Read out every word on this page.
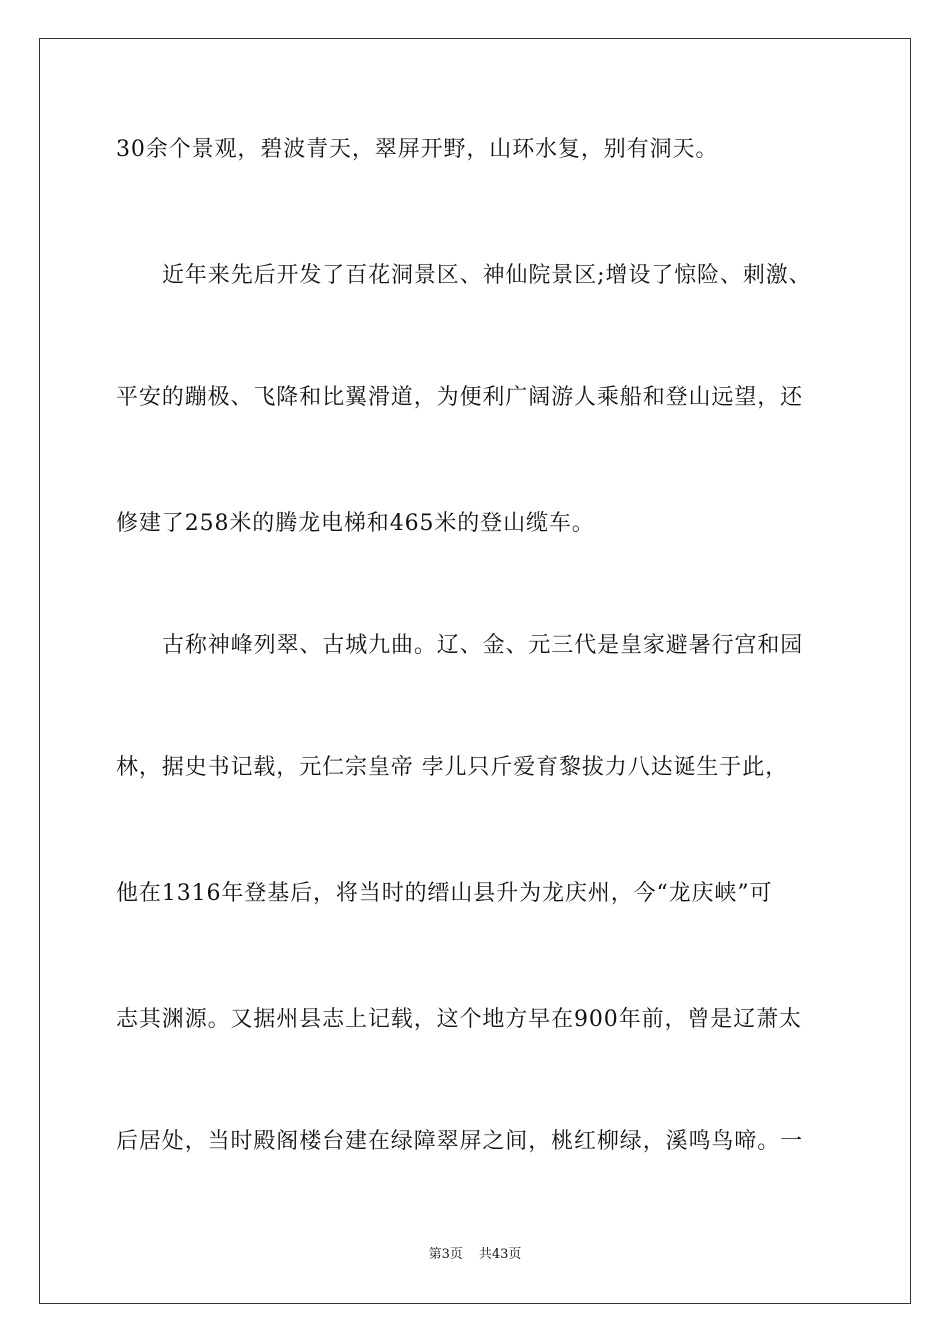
30余个景观，碧波青天，翠屏开野，山环水复，别有洞天。
近年来先后开发了百花洞景区、神仙院景区;增设了惊险、刺激、
平安的蹦极、飞降和比翼滑道，为便利广阔游人乘船和登山远望，还
修建了258米的腾龙电梯和465米的登山缆车。
古称神峰列翠、古城九曲。辽、金、元三代是皇家避暑行宫和园
林，据史书记载，元仁宗皇帝 孛儿只斤爱育黎拔力八达诞生于此，
他在1316年登基后，将当时的缙山县升为龙庆州，今“龙庆峡”可
志其渊源。又据州县志上记载，这个地方早在900年前，曾是辽萧太
后居处，当时殿阁楼台建在绿障翠屏之间，桃红柳绿，溪鸣鸟啼。一
第3页 共43页
